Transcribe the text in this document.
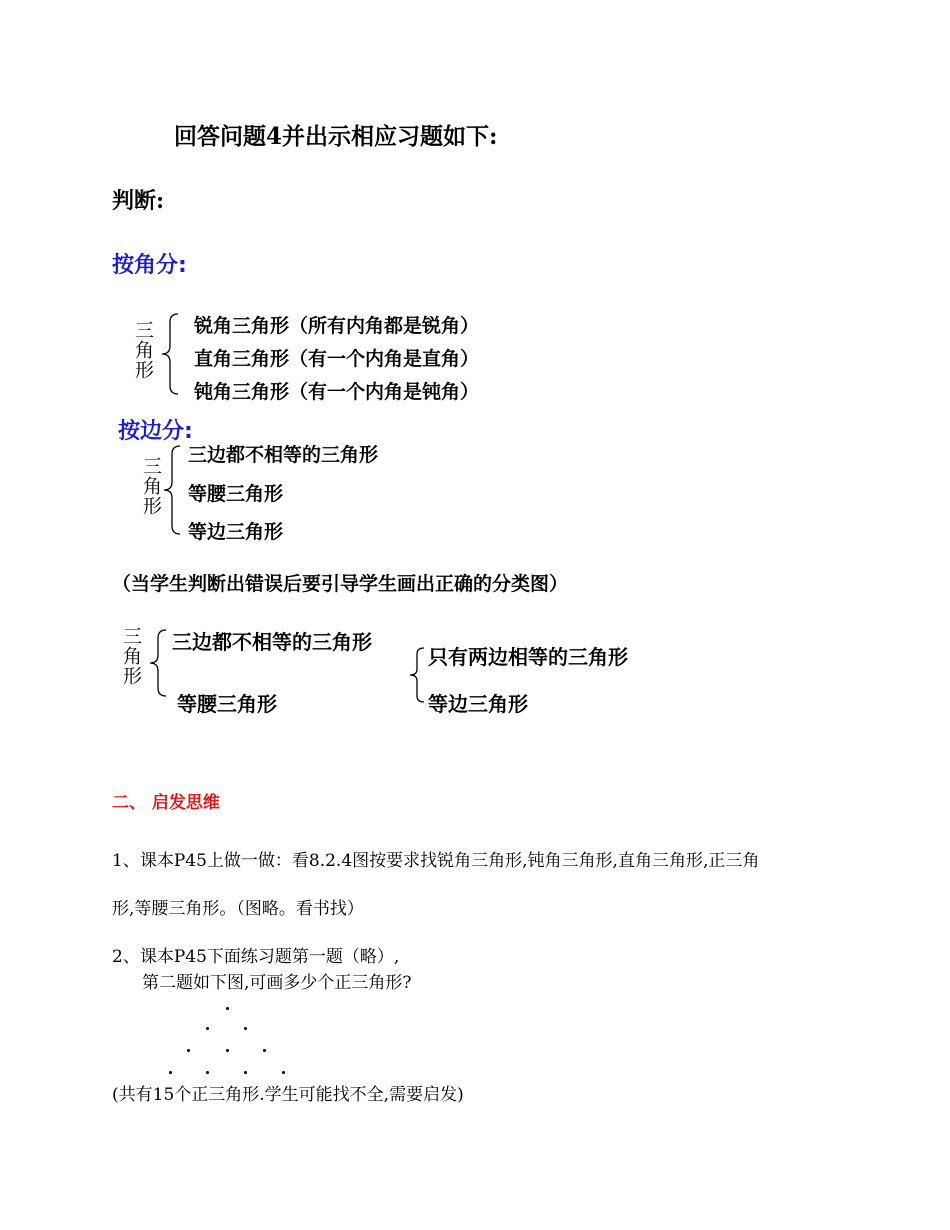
回答问题4并出示相应习题如下:
判断:
按角分:
三角形 锐角三角形（所有内角都是锐角）
直角三角形（有一个内角是直角）
钝角三角形（有一个内角是钝角）
按边分:
三角形
三边都不相等的三角形
等腰三角形
等边三角形
（当学生判断出错误后要引导学生画出正确的分类图）
三角形 三边都不相等的三角形
等腰三角形
只有两边相等的三角形
等边三角形
二、 启发思维
1、课本P45上做一做：看8.2.4图按要求找锐角三角形,钝角三角形,直角三角形,正三角
形,等腰三角形。（图略。看书找）
2、课本P45下面练习题第一题（略）,
第二题如下图,可画多少个正三角形?
(共有15个正三角形.学生可能找不全,需要启发)
